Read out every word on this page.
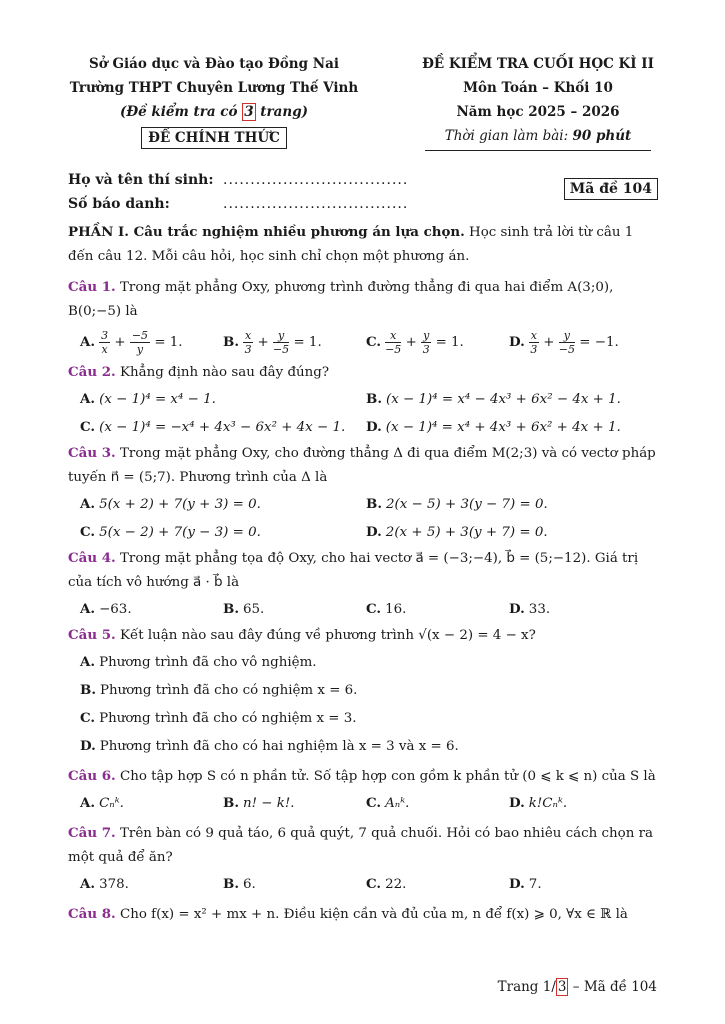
Sở Giáo dục và Đào tạo Đồng Nai
Trường THPT Chuyên Lương Thế Vinh
(Đề kiểm tra có 3 trang)
ĐỀ CHÍNH THỨC
ĐỀ KIỂM TRA CUỐI HỌC KÌ II
Môn Toán – Khối 10
Năm học 2025 – 2026
Thời gian làm bài: 90 phút
Họ và tên thí sinh: ..................................
Số báo danh:	..................................
Mã đề 104

PHẦN I. Câu trắc nghiệm nhiều phương án lựa chọn. Học sinh trả lời từ câu 1 đến câu 12. Mỗi câu hỏi, học sinh chỉ chọn một phương án.

Câu 1. Trong mặt phẳng Oxy, phương trình đường thẳng đi qua hai điểm A(3;0), B(0;−5) là

A. $\frac{3}{x} + \frac{-5}{y} = 1$.	B. $\frac{x}{3} + \frac{y}{-5} = 1$.	C. $\frac{x}{-5} + \frac{y}{3} = 1$.	D. $\frac{x}{3} + \frac{y}{-5} = -1$.

Câu 2. Khẳng định nào sau đây đúng?

A. (x − 1)⁴ = x⁴ − 1.	B. (x − 1)⁴ = x⁴ − 4x³ + 6x² − 4x + 1.
C. (x − 1)⁴ = −x⁴ + 4x³ − 6x² + 4x − 1.	D. (x − 1)⁴ = x⁴ + 4x³ + 6x² + 4x + 1.

Câu 3. Trong mặt phẳng Oxy, cho đường thẳng Δ đi qua điểm M(2;3) và có vectơ pháp tuyến n⃗ = (5;7). Phương trình của Δ là

A. 5(x + 2) + 7(y + 3) = 0.	B. 2(x − 5) + 3(y − 7) = 0.
C. 5(x − 2) + 7(y − 3) = 0.	D. 2(x + 5) + 3(y + 7) = 0.

Câu 4. Trong mặt phẳng tọa độ Oxy, cho hai vectơ a⃗ = (−3;−4), b⃗ = (5;−12). Giá trị của tích vô hướng a⃗ · b⃗ là

A. −63.	B. 65.	C. 16.	D. 33.

Câu 5. Kết luận nào sau đây đúng về phương trình √(x − 2) = 4 − x?

A. Phương trình đã cho vô nghiệm.
B. Phương trình đã cho có nghiệm x = 6.
C. Phương trình đã cho có nghiệm x = 3.
D. Phương trình đã cho có hai nghiệm là x = 3 và x = 6.

Câu 6. Cho tập hợp S có n phần tử. Số tập hợp con gồm k phần tử (0 ⩽ k ⩽ n) của S là

A. Cₙᵏ.	B. n! − k!.	C. Aₙᵏ.	D. k!Cₙᵏ.

Câu 7. Trên bàn có 9 quả táo, 6 quả quýt, 7 quả chuối. Hỏi có bao nhiêu cách chọn ra một quả để ăn?

A. 378.	B. 6.	C. 22.	D. 7.

Câu 8. Cho f(x) = x² + mx + n. Điều kiện cần và đủ của m, n để f(x) ⩾ 0, ∀x ∈ ℝ là

Trang 1/ 3 – Mã đề 104
